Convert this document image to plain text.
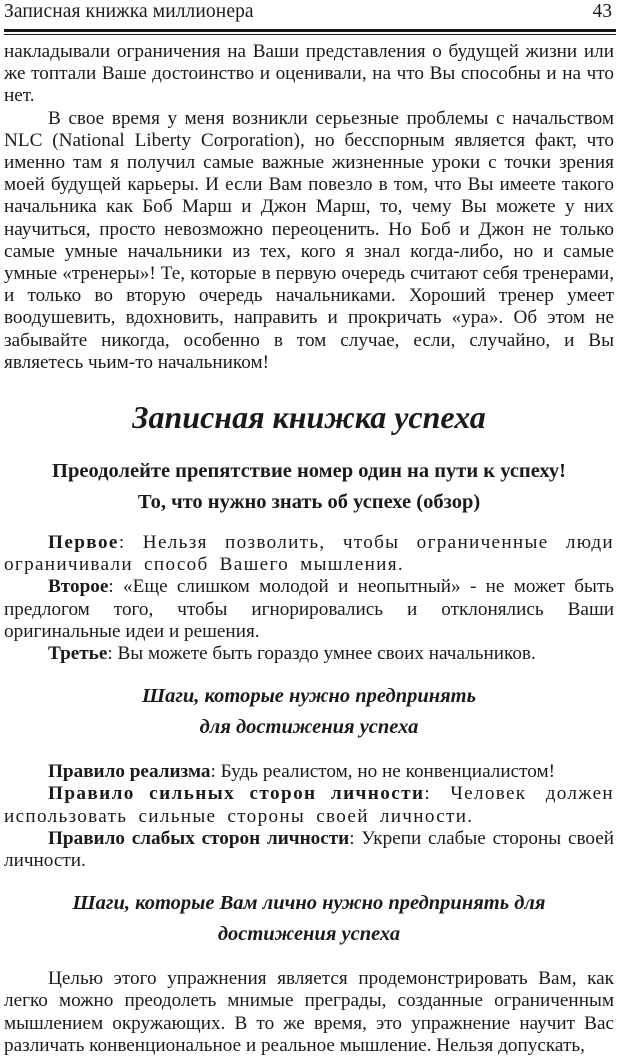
Записная книжка миллионера	43

накладывали ограничения на Ваши представления о будущей жизни или же топтали Ваше достоинство и оценивали, на что Вы способны и на что нет.

В свое время у меня возникли серьезные проблемы с начальством NLC (National Liberty Corporation), но бесспорным является факт, что именно там я получил самые важные жизненные уроки с точки зрения моей будущей карьеры. И если Вам повезло в том, что Вы имеете такого начальника как Боб Марш и Джон Марш, то, чему Вы можете у них научиться, просто невозможно переоценить. Но Боб и Джон не только самые умные начальники из тех, кого я знал когда-либо, но и самые умные «тренеры»! Те, которые в первую очередь считают себя тренерами, и только во вторую очередь начальниками. Хороший тренер умеет воодушевить, вдохновить, направить и прокричать «ура». Об этом не забывайте никогда, особенно в том случае, если, случайно, и Вы являетесь чьим-то начальником!

Записная книжка успеха
Преодолейте препятствие номер один на пути к успеху!
То, что нужно знать об успехе (обзор)

Первое: Нельзя позволить, чтобы ограниченные люди ограничивали способ Вашего мышления.

Второе: «Еще слишком молодой и неопытный» - не может быть предлогом того, чтобы игнорировались и отклонялись Ваши оригинальные идеи и решения.

Третье: Вы можете быть гораздо умнее своих начальников.

Шаги, которые нужно предпринять
для достижения успеха

Правило реализма: Будь реалистом, но не конвенциалистом!

Правило сильных сторон личности: Человек должен использовать сильные стороны своей личности.

Правило слабых сторон личности: Укрепи слабые стороны своей личности.

Шаги, которые Вам лично нужно предпринять для
достижения успеха

Целью этого упражнения является продемонстрировать Вам, как легко можно преодолеть мнимые преграды, созданные ограниченным мышлением окружающих. В то же время, это упражнение научит Вас различать конвенциональное и реальное мышление. Нельзя допускать,
